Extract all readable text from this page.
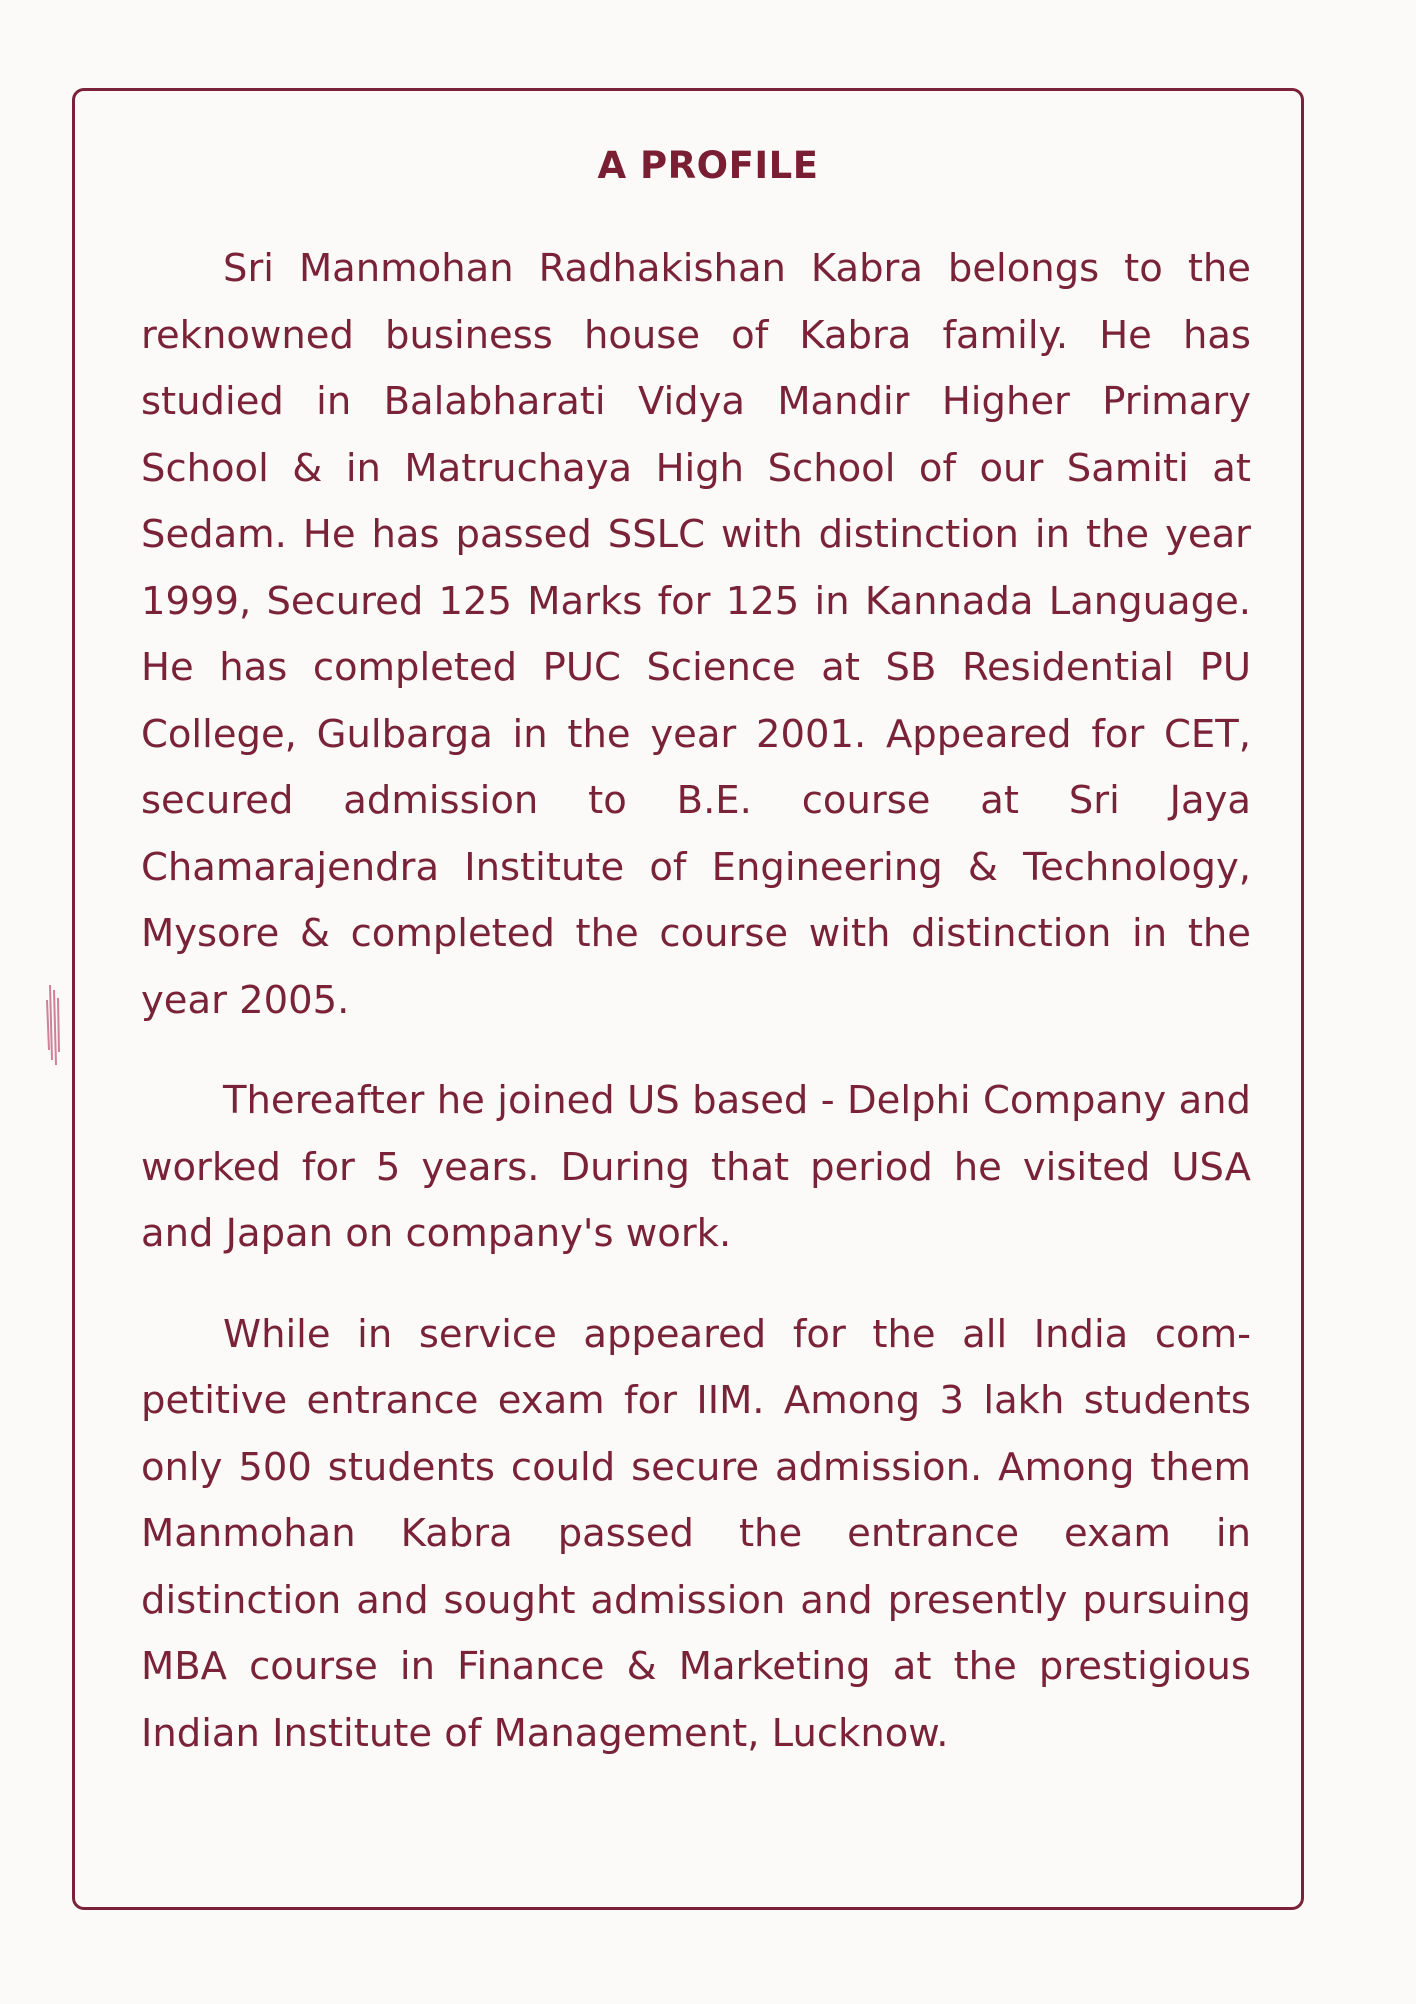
A PROFILE

Sri Manmohan Radhakishan Kabra belongs to the reknowned business house of Kabra family. He has studied in Balabharati Vidya Mandir Higher Primary School & in Matruchaya High School of our Samiti at Sedam. He has passed SSLC with distinction in the year 1999, Secured 125 Marks for 125 in Kannada Language. He has completed PUC Science at SB Residential PU College, Gulbarga in the year 2001. Appeared for CET, secured admission to B.E. course at Sri Jaya Chamarajendra Institute of Engineering & Technology, Mysore & completed the course with distinction in the year 2005.

Thereafter he joined US based - Delphi Company and worked for 5 years. During that period he visited USA and Japan on company's work.

While in service appeared for the all India com-petitive entrance exam for IIM. Among 3 lakh students only 500 students could secure admission. Among them Manmohan Kabra passed the entrance exam in distinction and sought admission and presently pursuing MBA course in Finance & Marketing at the prestigious Indian Institute of Management, Lucknow.
